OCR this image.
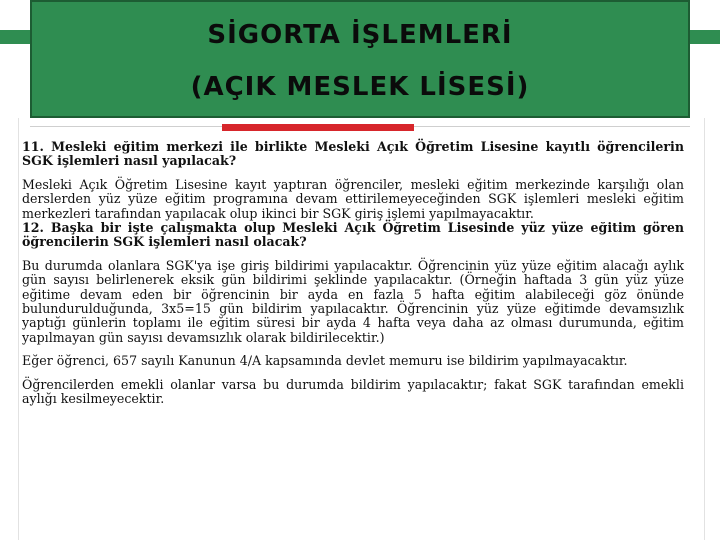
SİGORTA İŞLEMLERİ
(AÇIK MESLEK LİSESİ)

11. Mesleki eğitim merkezi ile birlikte Mesleki Açık Öğretim Lisesine kayıtlı öğrencilerin SGK işlemleri nasıl yapılacak?

Mesleki Açık Öğretim Lisesine kayıt yaptıran öğrenciler, mesleki eğitim merkezinde karşılığı olan derslerden yüz yüze eğitim programına devam ettirilemeyeceğinden SGK işlemleri mesleki eğitim merkezleri tarafından yapılacak olup ikinci bir SGK giriş işlemi yapılmayacaktır.

12. Başka bir işte çalışmakta olup Mesleki Açık Öğretim Lisesinde yüz yüze eğitim gören öğrencilerin SGK işlemleri nasıl olacak?

Bu durumda olanlara SGK'ya işe giriş bildirimi yapılacaktır. Öğrencinin yüz yüze eğitim alacağı aylık gün sayısı belirlenerek eksik gün bildirimi şeklinde yapılacaktır. (Örneğin haftada 3 gün yüz yüze eğitime devam eden bir öğrencinin bir ayda en fazla 5 hafta eğitim alabileceği göz önünde bulundurulduğunda, 3x5=15 gün bildirim yapılacaktır. Öğrencinin yüz yüze eğitimde devamsızlık yaptığı günlerin toplamı ile eğitim süresi bir ayda 4 hafta veya daha az olması durumunda, eğitim yapılmayan gün sayısı devamsızlık olarak bildirilecektir.)

Eğer öğrenci, 657 sayılı Kanunun 4/A kapsamında devlet memuru ise bildirim yapılmayacaktır.

Öğrencilerden emekli olanlar varsa bu durumda bildirim yapılacaktır; fakat SGK tarafından emekli aylığı kesilmeyecektir.
